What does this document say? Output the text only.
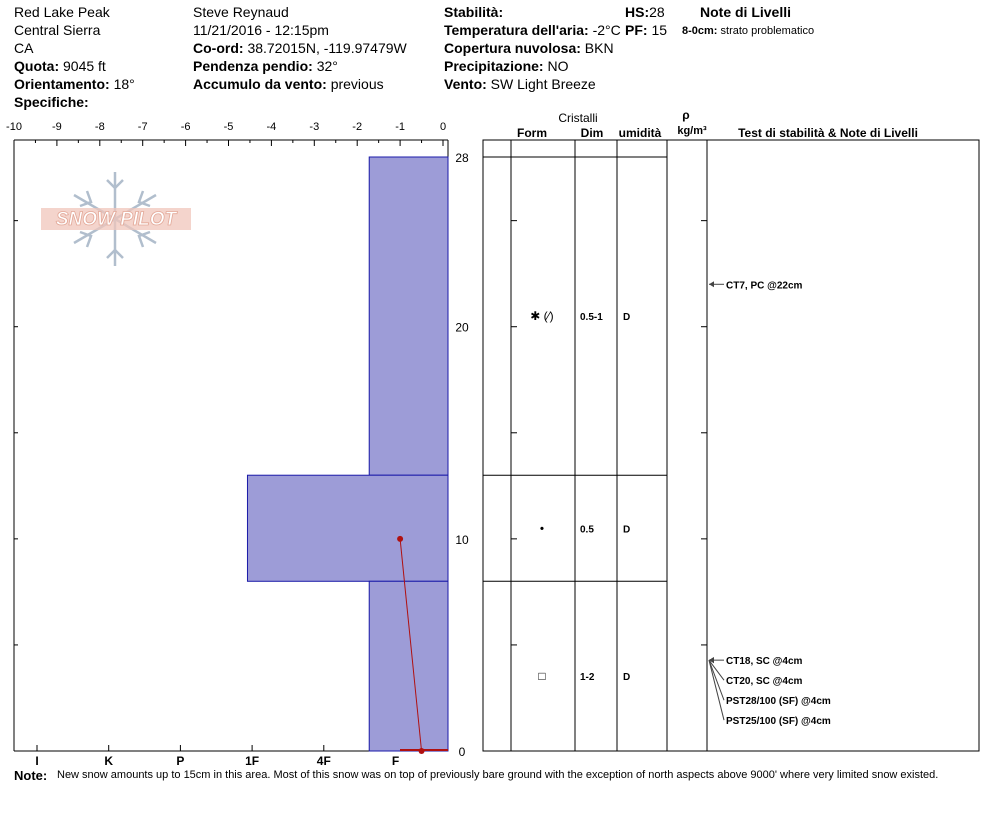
Red Lake Peak
Central Sierra
CA
Quota: 9045 ft
Orientamento: 18°
Specifiche:
Steve Reynaud
11/21/2016 - 12:15pm
Co-ord: 38.72015N, -119.97479W
Pendenza pendio: 32°
Accumulo da vento: previous
Stabilità:
Temperatura dell'aria: -2°C
Copertura nuvolosa: BKN
Precipitazione: NO
Vento: SW Light Breeze
HS:28
PF: 15
Note di Livelli
8-0cm: strato problematico
SNOW PILOT
-10	-9	-8	-7	-6	-5	-4	-3	-2	-1	0
I	K	P	1F	4F	F
28
20
10
0
✱ (⁄)	0.5-1 D
•	0.5	D
□	1-2	D
CT7, PC @22cm
CT18, SC @4cm
CT20, SC @4cm
PST28/100 (SF) @4cm
PST25/100 (SF) @4cm
Cristalli
Form	Dim umidità
ρ
kg/m³	Test di stabilità & Note di Livelli
Note: New snow amounts up to 15cm in this area. Most of this snow was on top of previously bare ground with the exception of north aspects above 9000' where very limited snow existed.
